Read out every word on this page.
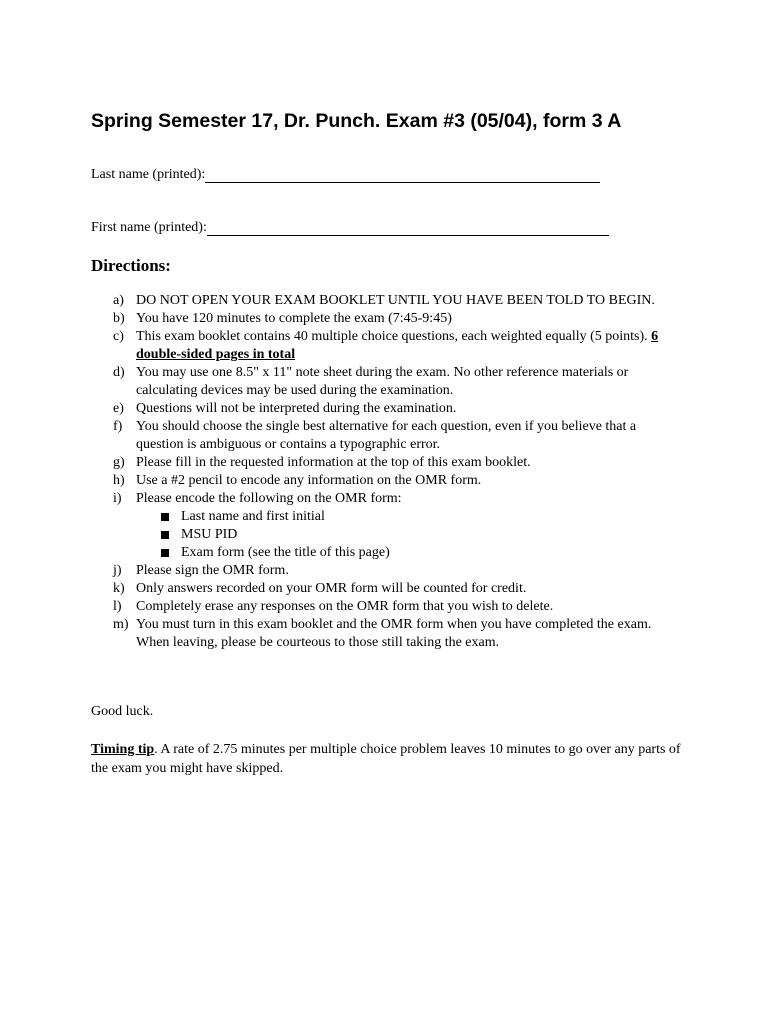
Spring Semester 17, Dr. Punch. Exam #3 (05/04), form 3 A
Last name (printed):
First name (printed):
Directions:
a) DO NOT OPEN YOUR EXAM BOOKLET UNTIL YOU HAVE BEEN TOLD TO BEGIN.
b) You have 120 minutes to complete the exam (7:45-9:45)
c) This exam booklet contains 40 multiple choice questions, each weighted equally (5 points). 6 double-sided pages in total
d) You may use one 8.5" x 11" note sheet during the exam. No other reference materials or calculating devices may be used during the examination.
e) Questions will not be interpreted during the examination.
f) You should choose the single best alternative for each question, even if you believe that a question is ambiguous or contains a typographic error.
g) Please fill in the requested information at the top of this exam booklet.
h) Use a #2 pencil to encode any information on the OMR form.
i) Please encode the following on the OMR form:
Last name and first initial
MSU PID
Exam form (see the title of this page)
j) Please sign the OMR form.
k) Only answers recorded on your OMR form will be counted for credit.
l) Completely erase any responses on the OMR form that you wish to delete.
m) You must turn in this exam booklet and the OMR form when you have completed the exam. When leaving, please be courteous to those still taking the exam.

Good luck.

Timing tip. A rate of 2.75 minutes per multiple choice problem leaves 10 minutes to go over any parts of the exam you might have skipped.
